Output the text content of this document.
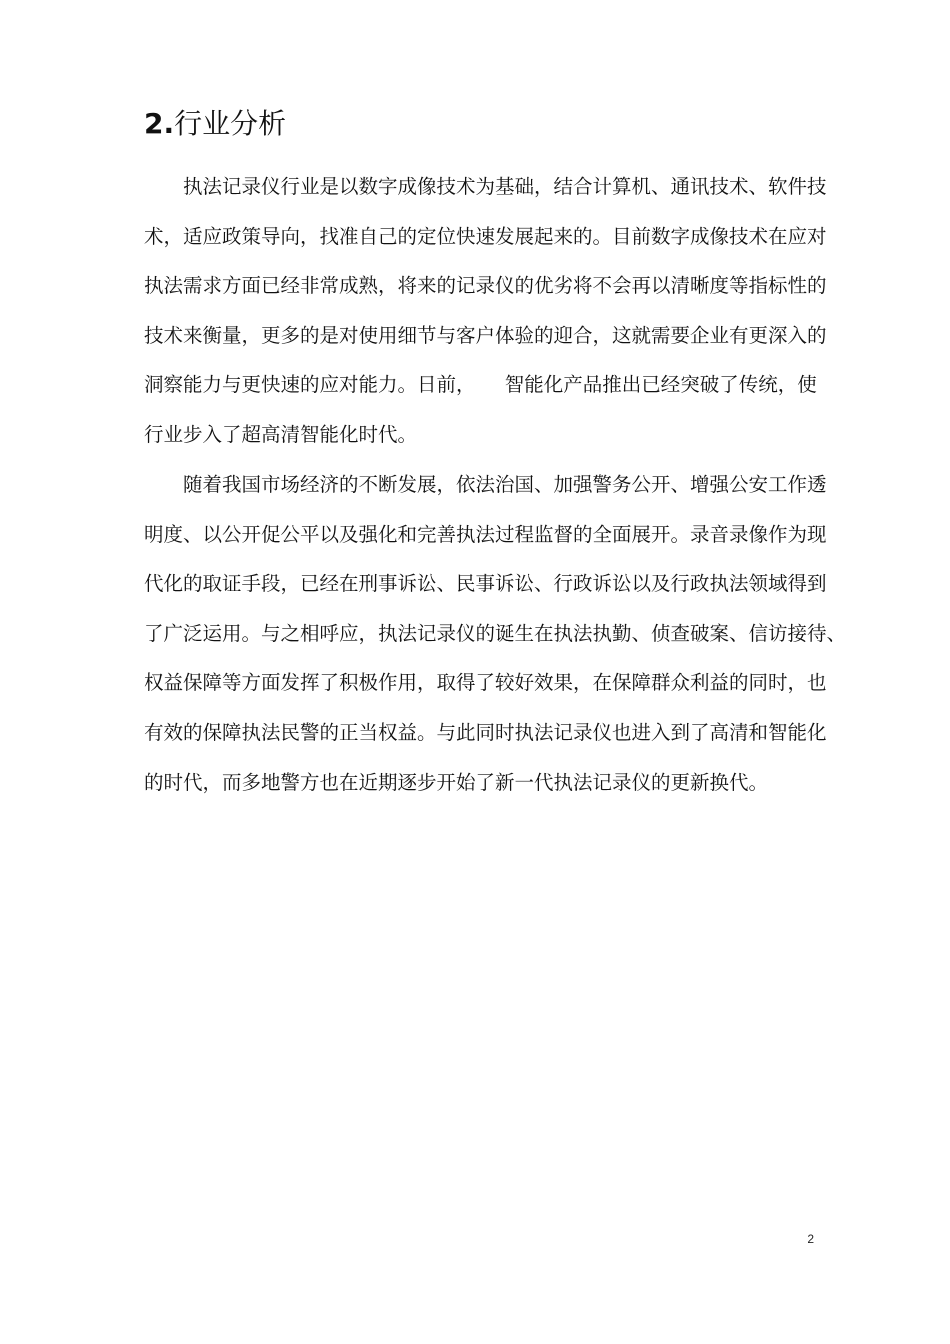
2.行业分析
执法记录仪行业是以数字成像技术为基础，结合计算机、通讯技术、软件技
术，适应政策导向，找准自己的定位快速发展起来的。目前数字成像技术在应对
执法需求方面已经非常成熟，将来的记录仪的优劣将不会再以清晰度等指标性的
技术来衡量，更多的是对使用细节与客户体验的迎合，这就需要企业有更深入的
洞察能力与更快速的应对能力。日前，　　智能化产品推出已经突破了传统，使
行业步入了超高清智能化时代。
随着我国市场经济的不断发展，依法治国、加强警务公开、增强公安工作透
明度、以公开促公平以及强化和完善执法过程监督的全面展开。录音录像作为现
代化的取证手段，已经在刑事诉讼、民事诉讼、行政诉讼以及行政执法领域得到
了广泛运用。与之相呼应，执法记录仪的诞生在执法执勤、侦查破案、信访接待、
权益保障等方面发挥了积极作用，取得了较好效果，在保障群众利益的同时，也
有效的保障执法民警的正当权益。与此同时执法记录仪也进入到了高清和智能化
的时代，而多地警方也在近期逐步开始了新一代执法记录仪的更新换代。
2
